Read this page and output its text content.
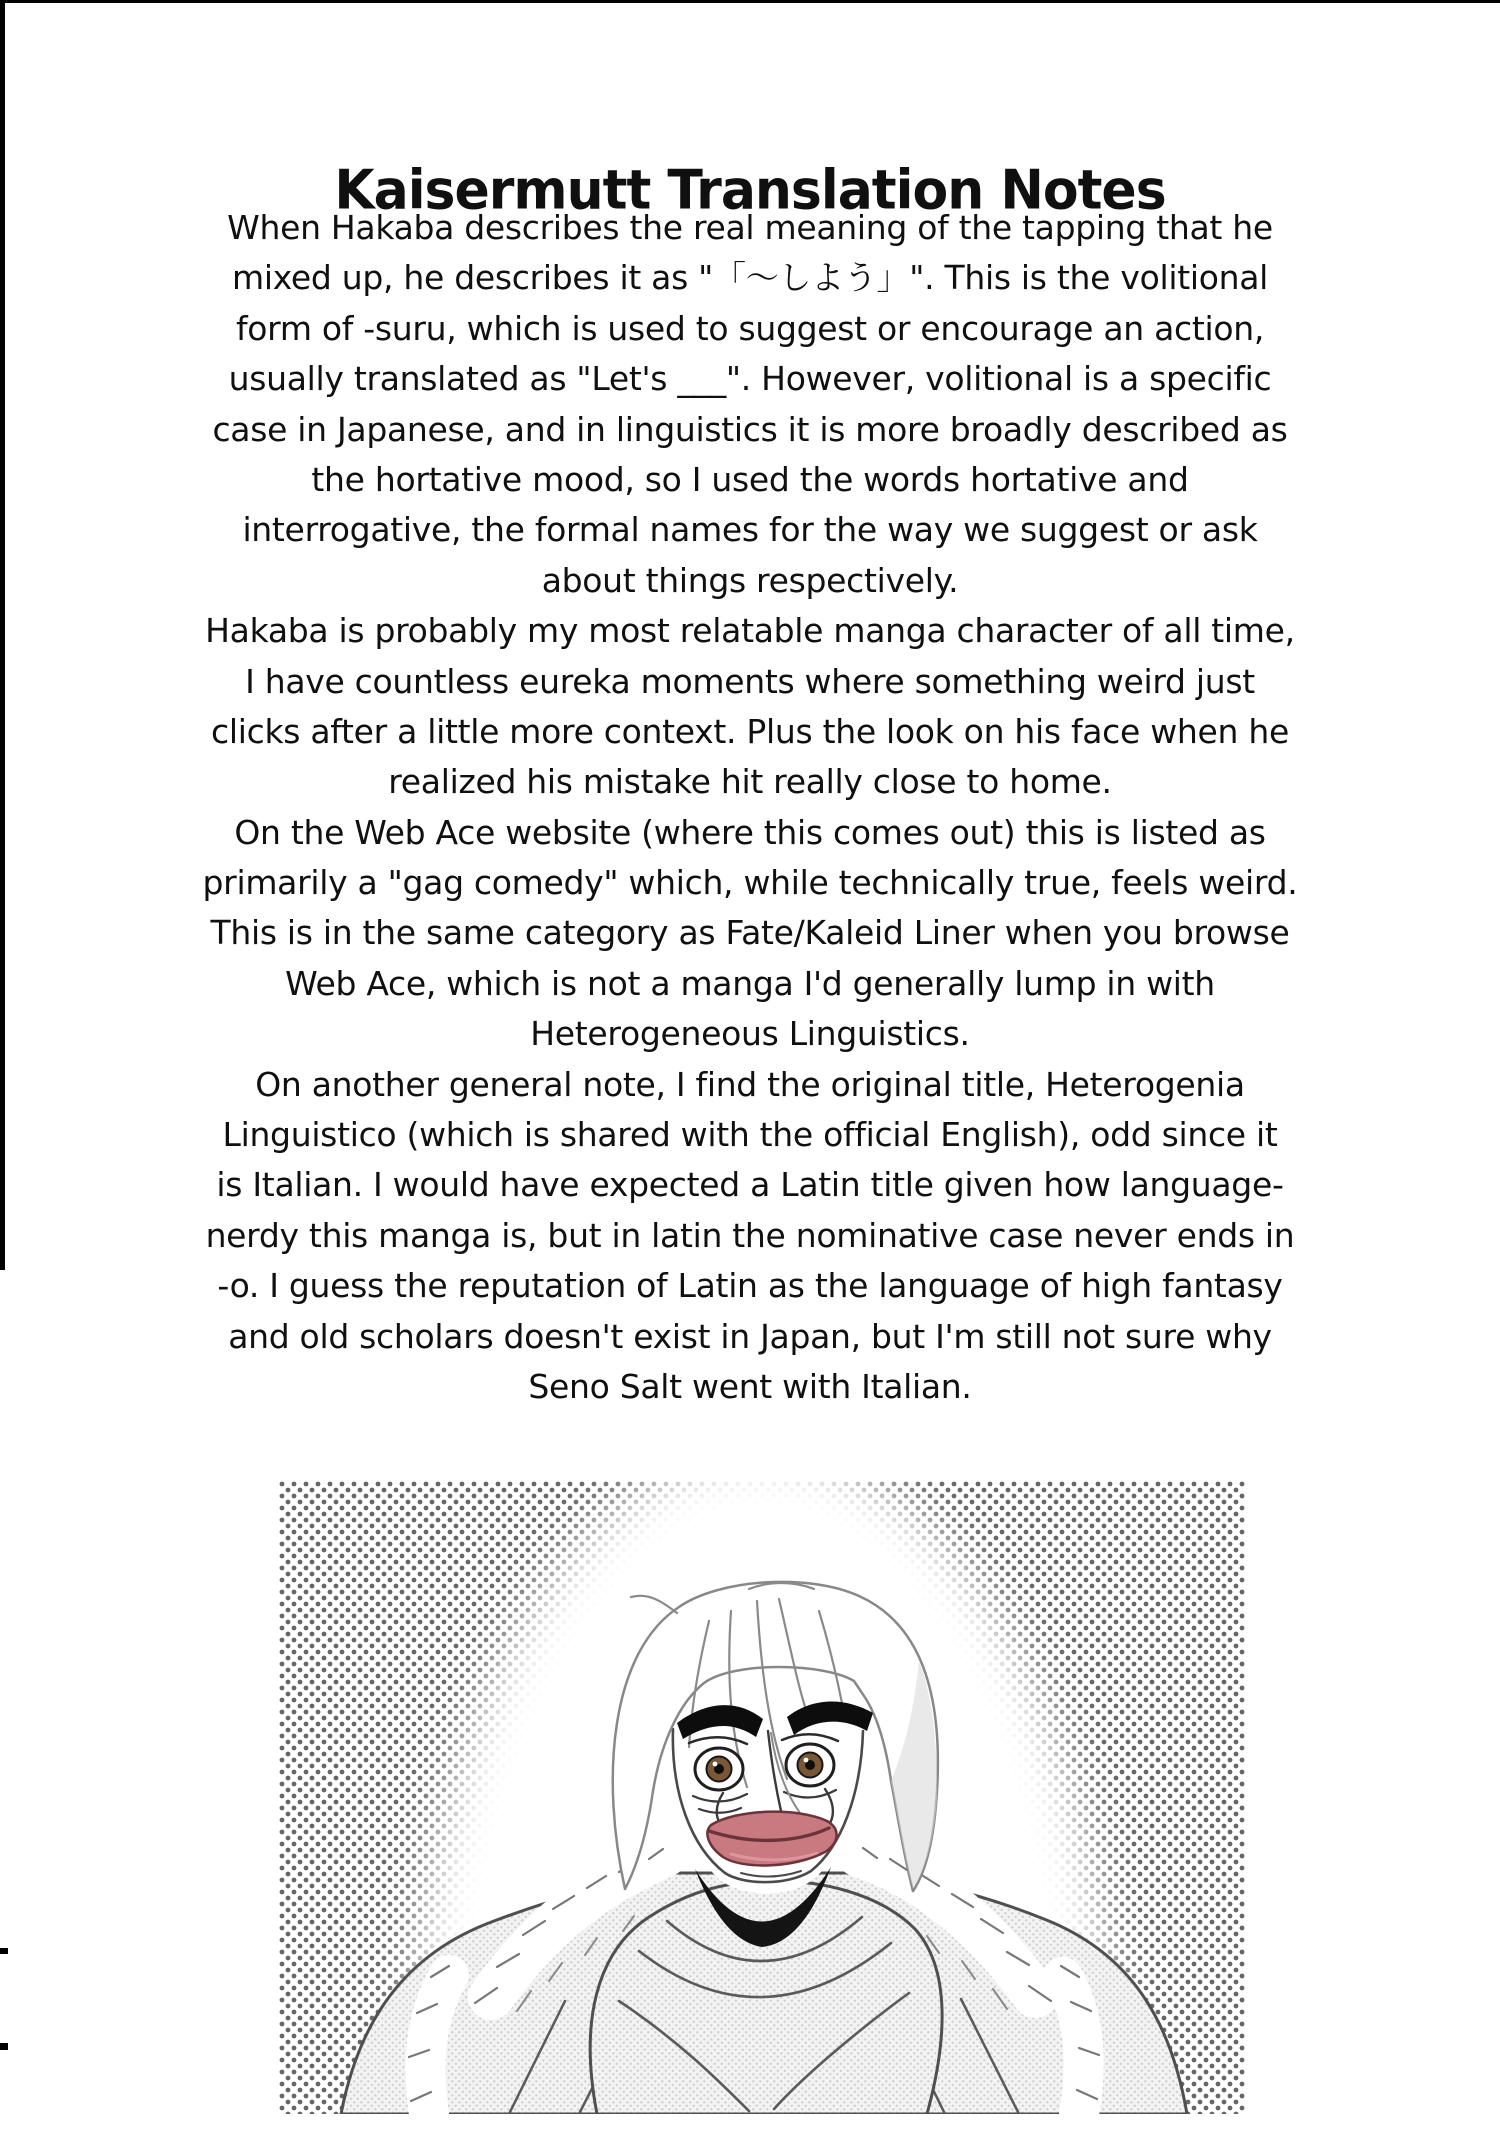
Kaisermutt Translation Notes
When Hakaba describes the real meaning of the tapping that he
mixed up, he describes it as "「～しよう」". This is the volitional
form of -suru, which is used to suggest or encourage an action,
usually translated as "Let's ___". However, volitional is a specific
case in Japanese, and in linguistics it is more broadly described as
the hortative mood, so I used the words hortative and
interrogative, the formal names for the way we suggest or ask
about things respectively.
Hakaba is probably my most relatable manga character of all time,
I have countless eureka moments where something weird just
clicks after a little more context. Plus the look on his face when he
realized his mistake hit really close to home.
On the Web Ace website (where this comes out) this is listed as
primarily a "gag comedy" which, while technically true, feels weird.
This is in the same category as Fate/Kaleid Liner when you browse
Web Ace, which is not a manga I'd generally lump in with
Heterogeneous Linguistics.
On another general note, I find the original title, Heterogenia
Linguistico (which is shared with the official English), odd since it
is Italian. I would have expected a Latin title given how language-
nerdy this manga is, but in latin the nominative case never ends in
-o. I guess the reputation of Latin as the language of high fantasy
and old scholars doesn't exist in Japan, but I'm still not sure why
Seno Salt went with Italian.
